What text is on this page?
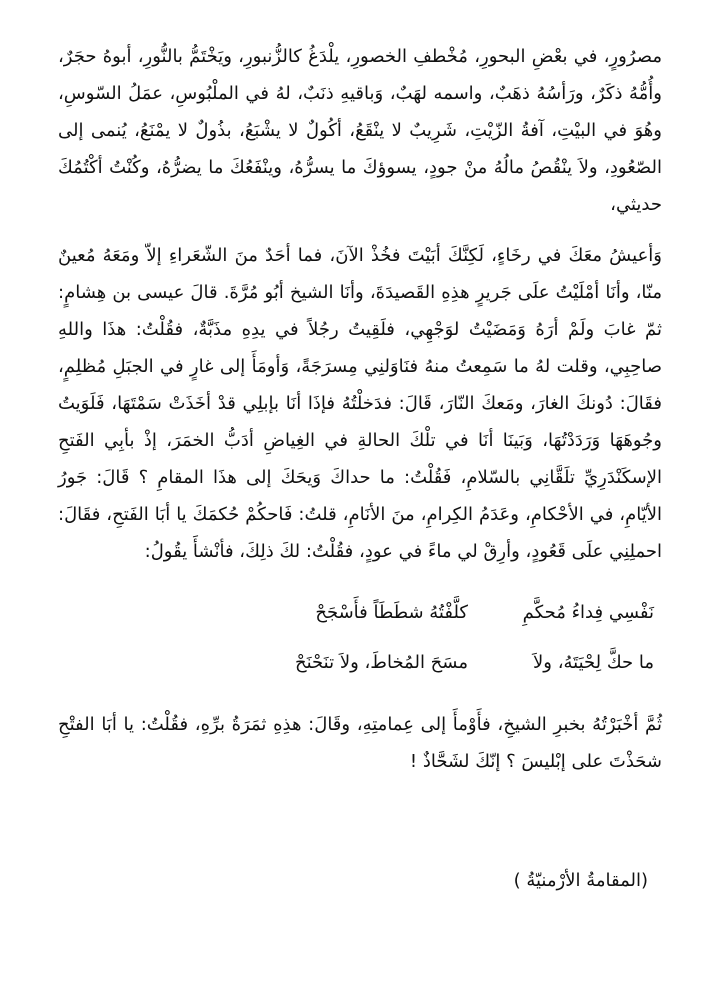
مصرُورٍ، في بعْضِ البحورِ، مُخْطفِ الخصورِ، يلْدَغُ كالزُّنبورِ، ويَخْتَمُّ بالنُّورِ، أبوهُ حجَرٌ، وأُمُّهُ ذكَرٌ، ورَأسُهُ ذهَبٌ، واسمه لهَبٌ، وَباقيهِ ذنَبٌ، لهُ في الملْبُوسِ، عمَلُ السّوسِ، وهُوَ في البيْتِ، آفةُ الزّيْتِ، شَرِيبٌ لا ينْقَعُ، أكُولٌ لا يشْبَعُ، بذُولٌ لا يمْنَعُ، يُنمى إلى الصّعُودِ، ولاَ ينْقُصُ مالُهُ منْ جودٍ، يسوؤكَ ما يسرُّهُ، وينْفَعُكَ ما يضرُّهُ، وكُنْتُ أكْتُمُكَ حديثي،

وَأعيشُ معَكَ في رخَاءٍ، لَكِنَّكَ أبَيْتَ فخُذْ الآنَ، فما أحَدٌ منَ الشّعَراءِ إلاّ ومَعَهُ مُعينٌ منّا، وأنَا أمْلَيْتُ علَى جَريرٍ هذِهِ القَصيدَةَ، وأنَا الشيخ أبُو مُرَّةَ. قالَ عيسى بن هِشامٍ: ثمّ غابَ ولَمْ أرَهُ وَمَضَيْتُ لوَجْهِي، فلَقِيتُ رجُلاً في يدِهِ مذَبَّةٌ، فقُلْتُ: هذَا واللهِ صاحِبِي، وقلت لهُ ما سَمِعتُ منهُ فنَاوَلنِي مِسرَجَةً، وَأومَأَ إلى غارٍ في الجبَلِ مُظلِمٍ، فقَالَ: دُونكَ الغارَ، ومَعكَ النّارَ، قَالَ: فدَخلْتُهُ فإذَا أنَا بإبلِي قدْ أخَذَتْ سَمْتَهَا، فَلَوَيتُ وجُوهَهَا وَرَدَدْتُهَا، وَبَينَا أنَا في تلْكَ الحالةِ في الغِياضِ أدَبُّ الخمَرَ، إذْ بأبِي الفَتحِ الإسكَنْدَرِيِّ تلَقَّانِي بالسّلامِ، فَقُلْتُ: ما حداكَ وَيحَكَ إلى هذَا المقامِ ؟ قَالَ: جَورُ الأيّامِ، في الأحْكامِ، وعَدَمُ الكِرامِ، منَ الأنَامِ، قلتُ: فَاحكُمْ حُكمَكَ يا أبَا الفَتحِ، فقَالَ: احملِنِي علَى قَعُودٍ، وأرِقْ لي ماءً في عودٍ، فقُلْتُ: لكَ ذلِكَ، فأنْشأَ يقُولُ:

نَفْسِي فِداءُ مُحكَّمِ
كلَّفْتُهُ شطَطَاً فأَسْجَحْ
ما حكَّ لِحْيَتَهُ، ولاَ
مسَحَ المُخاطَ، ولاَ تنَحْنَحْ

ثُمَّ أخْبَرْتُهُ بخبرِ الشيخِ، فأَوْمأَ إلى عِمامتِهِ، وقَالَ: هذِهِ ثمَرَةُ برِّهِ، فقُلْتُ: يا أبَا الفتْحِ شحَذْتَ على إبْليسَ ؟ إنّكَ لشَحَّاذٌ !

(المقامةُ الأرْمنيّةُ )
